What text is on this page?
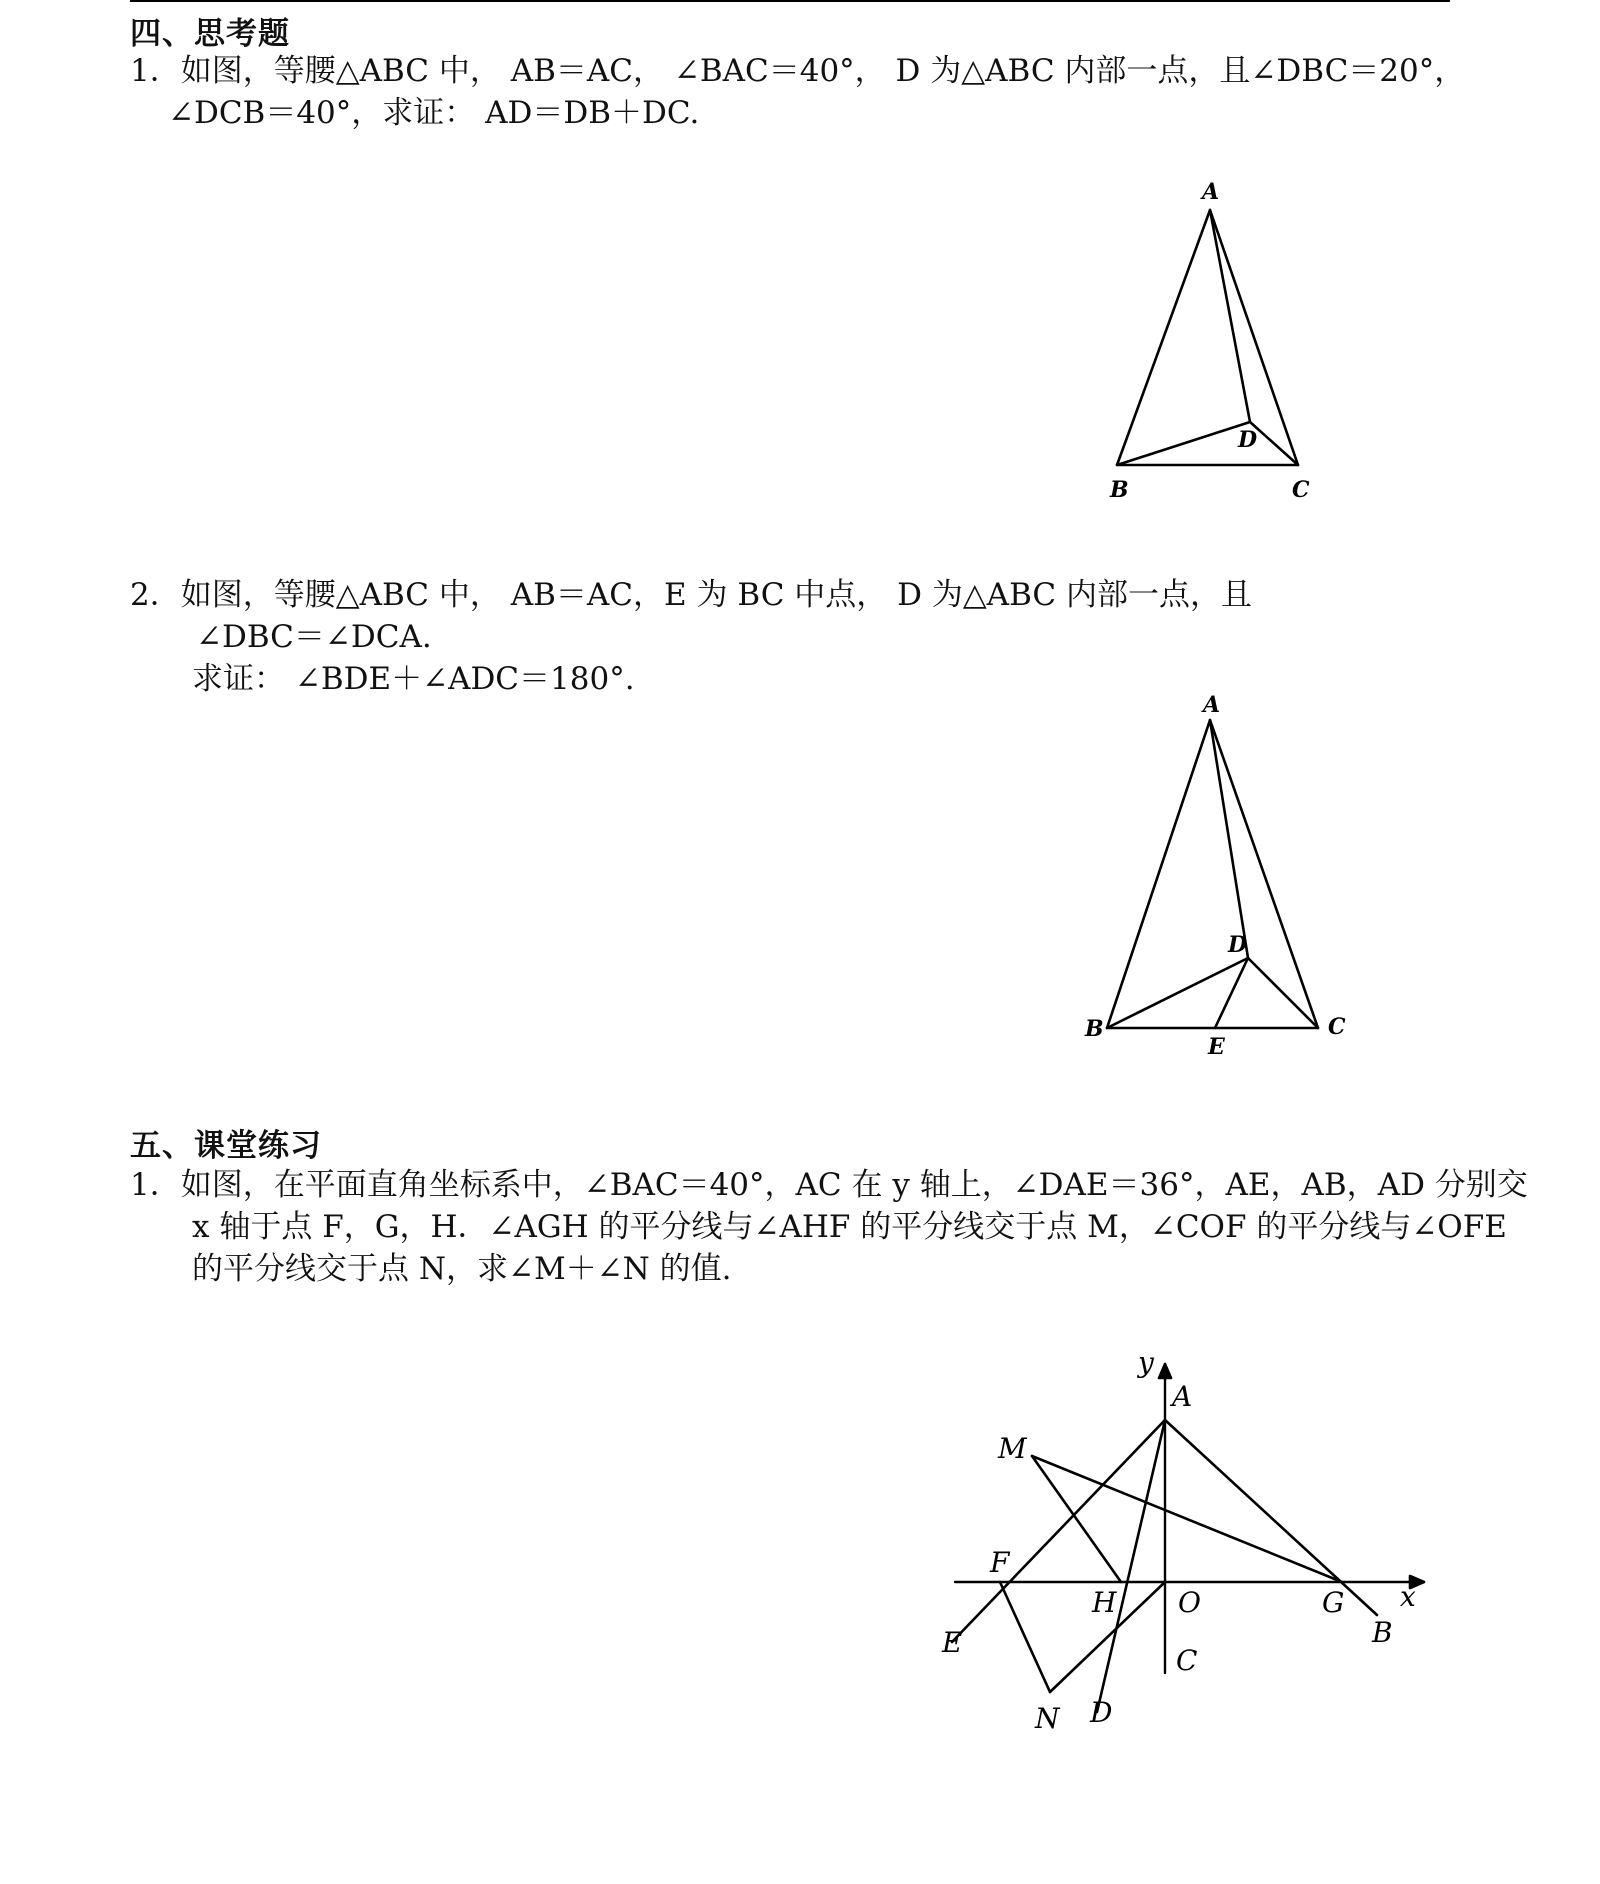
四、思考题
1．如图，等腰△ABC 中， AB＝AC， ∠BAC＝40°， D 为△ABC 内部一点，且∠DBC＝20°，
∠DCB＝40°，求证： AD＝DB＋DC.
A
B	C
D
2．如图，等腰△ABC 中， AB＝AC，E 为 BC 中点， D 为△ABC 内部一点，且
∠DBC＝∠DCA.
求证： ∠BDE＋∠ADC＝180°.
A
B	C
D
E
五、课堂练习
1．如图，在平面直角坐标系中，∠BAC＝40°，AC 在 y 轴上，∠DAE＝36°，AE，AB，AD 分别交
x 轴于点 F，G，H．∠AGH 的平分线与∠AHF 的平分线交于点 M，∠COF 的平分线与∠OFE
的平分线交于点 N，求∠M＋∠N 的值.
y
A
M
F
H O	G x
B
E
C
N D
